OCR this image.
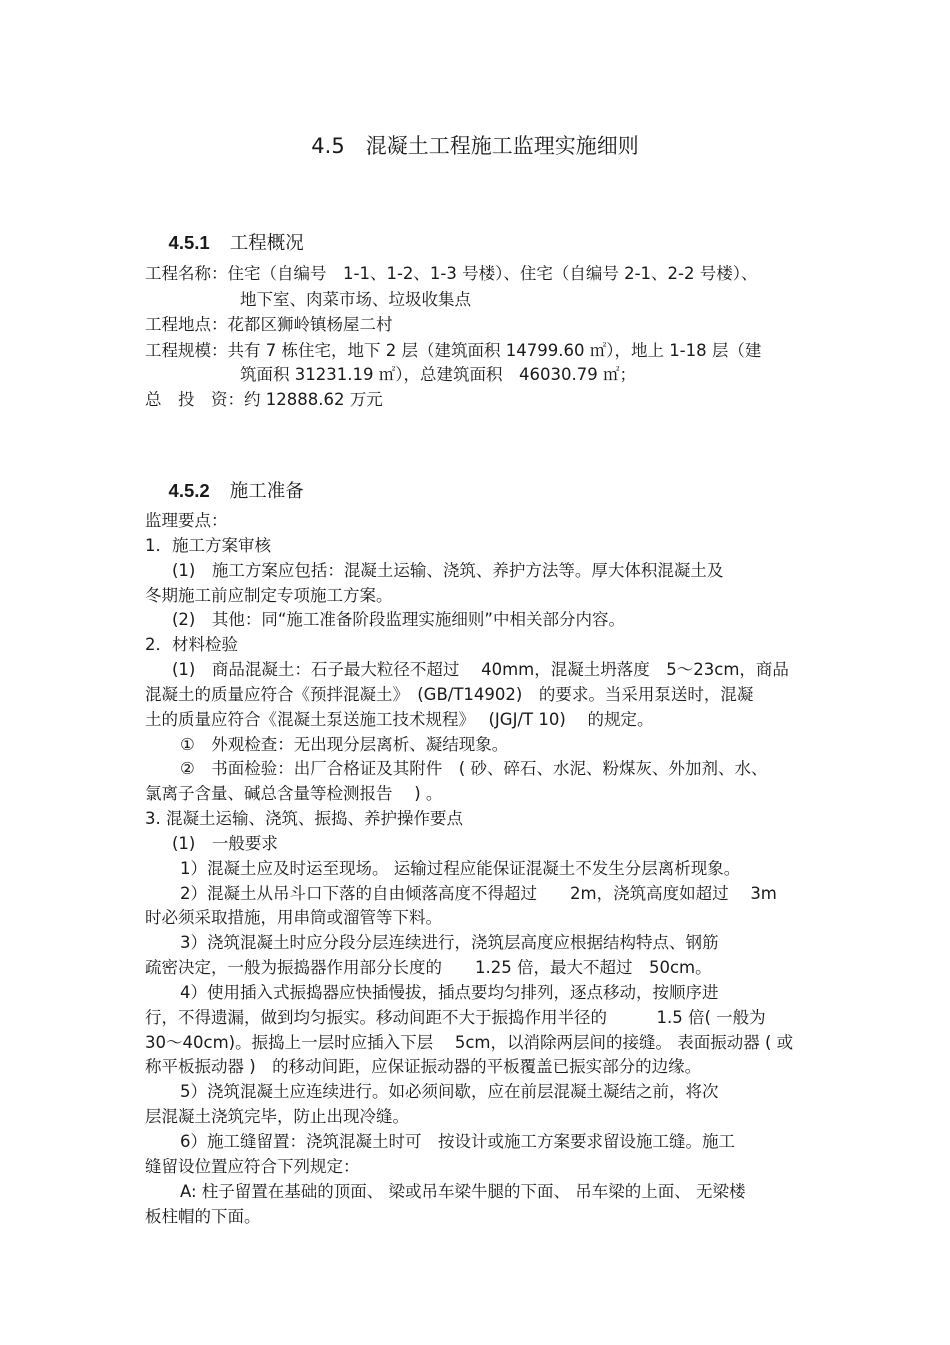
4.5　混凝土工程施工监理实施细则

4.5.1 工程概况

工程名称：住宅（自编号　1-1、1-2、1-3 号楼）、住宅（自编号 2-1、2-2 号楼）、
地下室、肉菜市场、垃圾收集点
工程地点：花都区狮岭镇杨屋二村
工程规模：共有 7 栋住宅，地下 2 层（建筑面积 14799.60 ㎡），地上 1-18 层（建
筑面积 31231.19 ㎡），总建筑面积　46030.79 ㎡；
总　投　资：约 12888.62 万元

4.5.2 施工准备

监理要点：
1．施工方案审核
(1)　施工方案应包括：混凝土运输、浇筑、养护方法等。厚大体积混凝土及
冬期施工前应制定专项施工方案。
(2)　其他：同“施工准备阶段监理实施细则”中相关部分内容。
2．材料检验
(1)　商品混凝土：石子最大粒径不超过　 40mm，混凝土坍落度　5～23cm，商品
混凝土的质量应符合《预拌混凝土》　(GB/T14902)　的要求。当采用泵送时，混凝
土的质量应符合《混凝土泵送施工技术规程》　 (JGJ/T 10)　 的规定。
①　外观检查：无出现分层离析、凝结现象。
②　书面检验：出厂合格证及其附件　( 砂、碎石、水泥、粉煤灰、外加剂、水、
氯离子含量、碱总含量等检测报告　 ) 。
3. 混凝土运输、浇筑、振捣、养护操作要点
(1)　一般要求
1）混凝土应及时运至现场。 运输过程应能保证混凝土不发生分层离析现象。
2）混凝土从吊斗口下落的自由倾落高度不得超过　　2m，浇筑高度如超过　 3m
时必须采取措施，用串筒或溜管等下料。
3）浇筑混凝土时应分段分层连续进行，浇筑层高度应根据结构特点、钢筋
疏密决定，一般为振捣器作用部分长度的　　1.25 倍，最大不超过　50cm。
4）使用插入式振捣器应快插慢拔，插点要均匀排列，逐点移动，按顺序进
行，不得遗漏，做到均匀振实。移动间距不大于振捣作用半径的　　　1.5 倍( 一般为
30～40cm)。振捣上一层时应插入下层　 5cm，以消除两层间的接缝。 表面振动器 ( 或
称平板振动器 )　的移动间距，应保证振动器的平板覆盖已振实部分的边缘。
5）浇筑混凝土应连续进行。如必须间歇，应在前层混凝土凝结之前，将次
层混凝土浇筑完毕，防止出现冷缝。
6）施工缝留置：浇筑混凝土时可　按设计或施工方案要求留设施工缝。施工
缝留设位置应符合下列规定：
A: 柱子留置在基础的顶面、 梁或吊车梁牛腿的下面、 吊车梁的上面、 无梁楼
板柱帽的下面。
